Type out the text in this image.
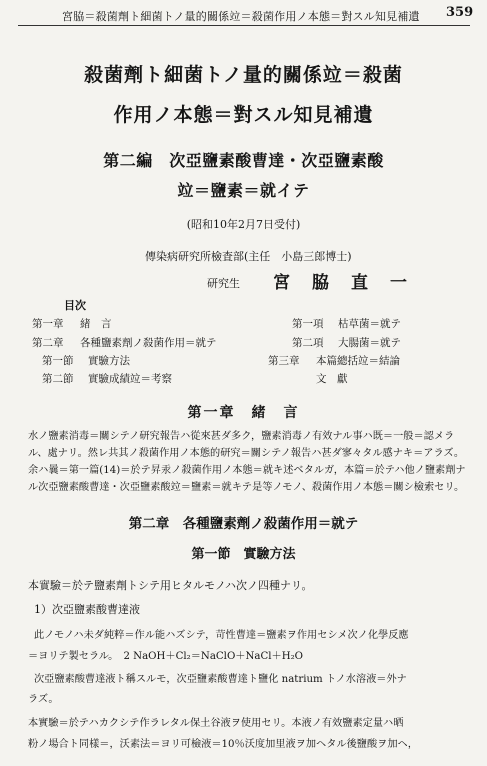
宮脇＝殺菌劑ト細菌トノ量的關係竝＝殺菌作用ノ本態＝對スル知見補遺 359
殺菌劑ト細菌トノ量的關係竝＝殺菌
作用ノ本態＝對スル知見補遺
第二編　次亞鹽素酸曹達・次亞鹽素酸
竝＝鹽素＝就イテ
(昭和10年2月7日受付)
傳染病研究所檢査部(主任　小島三郎博士)
研究生 宮脇直一
目次
第一章 緒　言
第二章 各種鹽素劑ノ殺菌作用＝就テ
第一節 實驗方法
第二節 實驗成績竝＝考察
第一項 枯草菌＝就テ
第二項 大腸菌＝就テ
第三章 本篇總括竝＝結論
文　獻
第一章　緒　言
水ノ鹽素消毒＝關シテノ研究報告ハ從來甚ダ多ク，鹽素消毒ノ有效ナル事ハ既＝一般＝認メラ
ル、處ナリ。然レ共其ノ殺菌作用ノ本態的研究＝關シテノ報告ハ甚ダ寥々タル感ナキ＝アラズ。
余ハ曩＝第一篇(14)＝於テ昇汞ノ殺菌作用ノ本態＝就キ述ベタルガ，本篇＝於テハ他ノ鹽素劑ナ
ル次亞鹽素酸曹達・次亞鹽素酸竝＝鹽素＝就キテ是等ノモノ、殺菌作用ノ本態＝關シ檢索セリ。
第二章　各種鹽素劑ノ殺菌作用＝就テ
第一節　實驗方法
本實驗＝於テ鹽素劑トシテ用ヒタルモノハ次ノ四種ナリ。
1）次亞鹽素酸曹達液
此ノモノハ未ダ純粹＝作ル能ハズシテ，苛性曹達＝鹽素ヲ作用セシメ次ノ化學反應
＝ヨリテ製セラル。　2 NaOH＋Cl₂＝NaClO＋NaCl＋H₂O
次亞鹽素酸曹達液ト稱スルモ，次亞鹽素酸曹達ト鹽化 natrium トノ水溶液＝外ナ
ラズ。
本實驗＝於テハカクシテ作ラレタル保土谷液ヲ使用セリ。本液ノ有效鹽素定量ハ晒
粉ノ場合ト同樣＝，沃素法＝ヨリ可檢液＝10％沃度加里液ヲ加ヘタル後鹽酸ヲ加ヘ，
